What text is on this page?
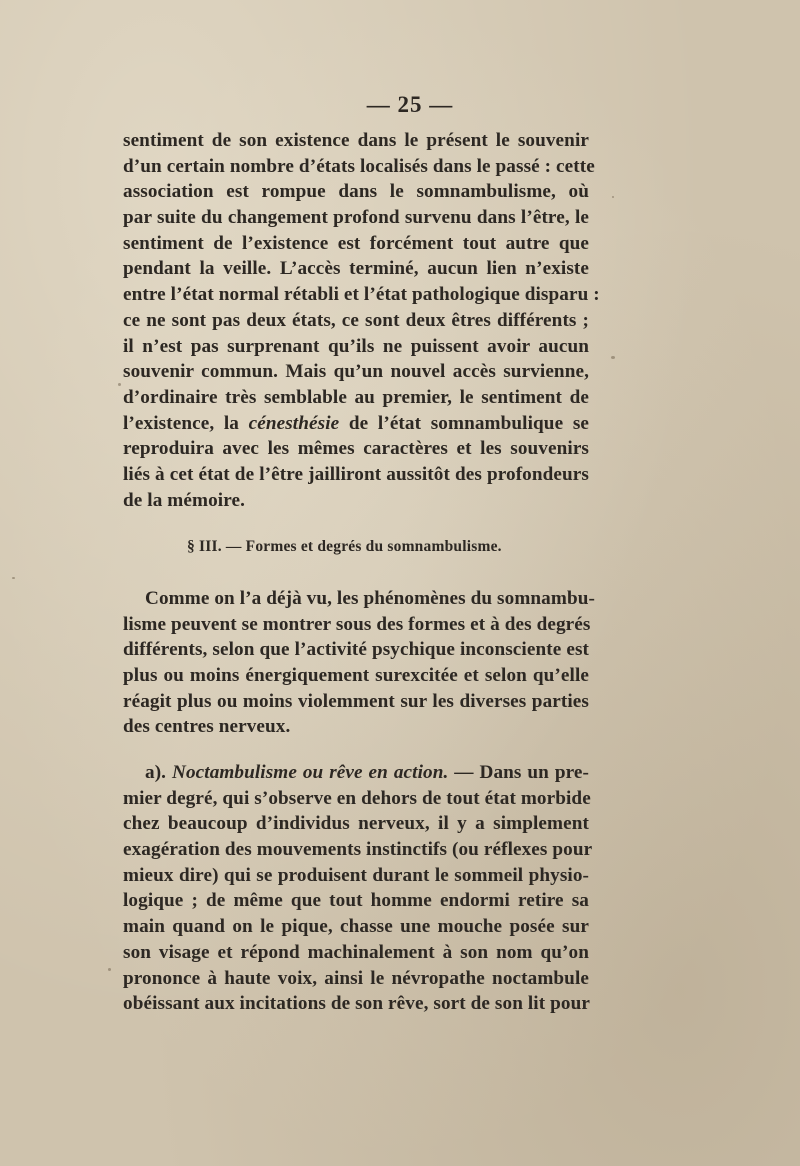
— 25 —
sentiment de son existence dans le présent le souvenir
d’un certain nombre d’états localisés dans le passé : cette
association est rompue dans le somnambulisme, où
par suite du changement profond survenu dans l’être, le
sentiment de l’existence est forcément tout autre que
pendant la veille. L’accès terminé, aucun lien n’existe
entre l’état normal rétabli et l’état pathologique disparu :
ce ne sont pas deux états, ce sont deux êtres différents ;
il n’est pas surprenant qu’ils ne puissent avoir aucun
souvenir commun. Mais qu’un nouvel accès survienne,
d’ordinaire très semblable au premier, le sentiment de
l’existence, la cénesthésie de l’état somnambulique se
reproduira avec les mêmes caractères et les souvenirs
liés à cet état de l’être jailliront aussitôt des profondeurs
de la mémoire.
§ III. — Formes et degrés du somnambulisme.
Comme on l’a déjà vu, les phénomènes du somnambu-
lisme peuvent se montrer sous des formes et à des degrés
différents, selon que l’activité psychique inconsciente est
plus ou moins énergiquement surexcitée et selon qu’elle
réagit plus ou moins violemment sur les diverses parties
des centres nerveux.
a). Noctambulisme ou rêve en action. — Dans un pre-
mier degré, qui s’observe en dehors de tout état morbide
chez beaucoup d’individus nerveux, il y a simplement
exagération des mouvements instinctifs (ou réflexes pour
mieux dire) qui se produisent durant le sommeil physio-
logique ; de même que tout homme endormi retire sa
main quand on le pique, chasse une mouche posée sur
son visage et répond machinalement à son nom qu’on
prononce à haute voix, ainsi le névropathe noctambule
obéissant aux incitations de son rêve, sort de son lit pour
